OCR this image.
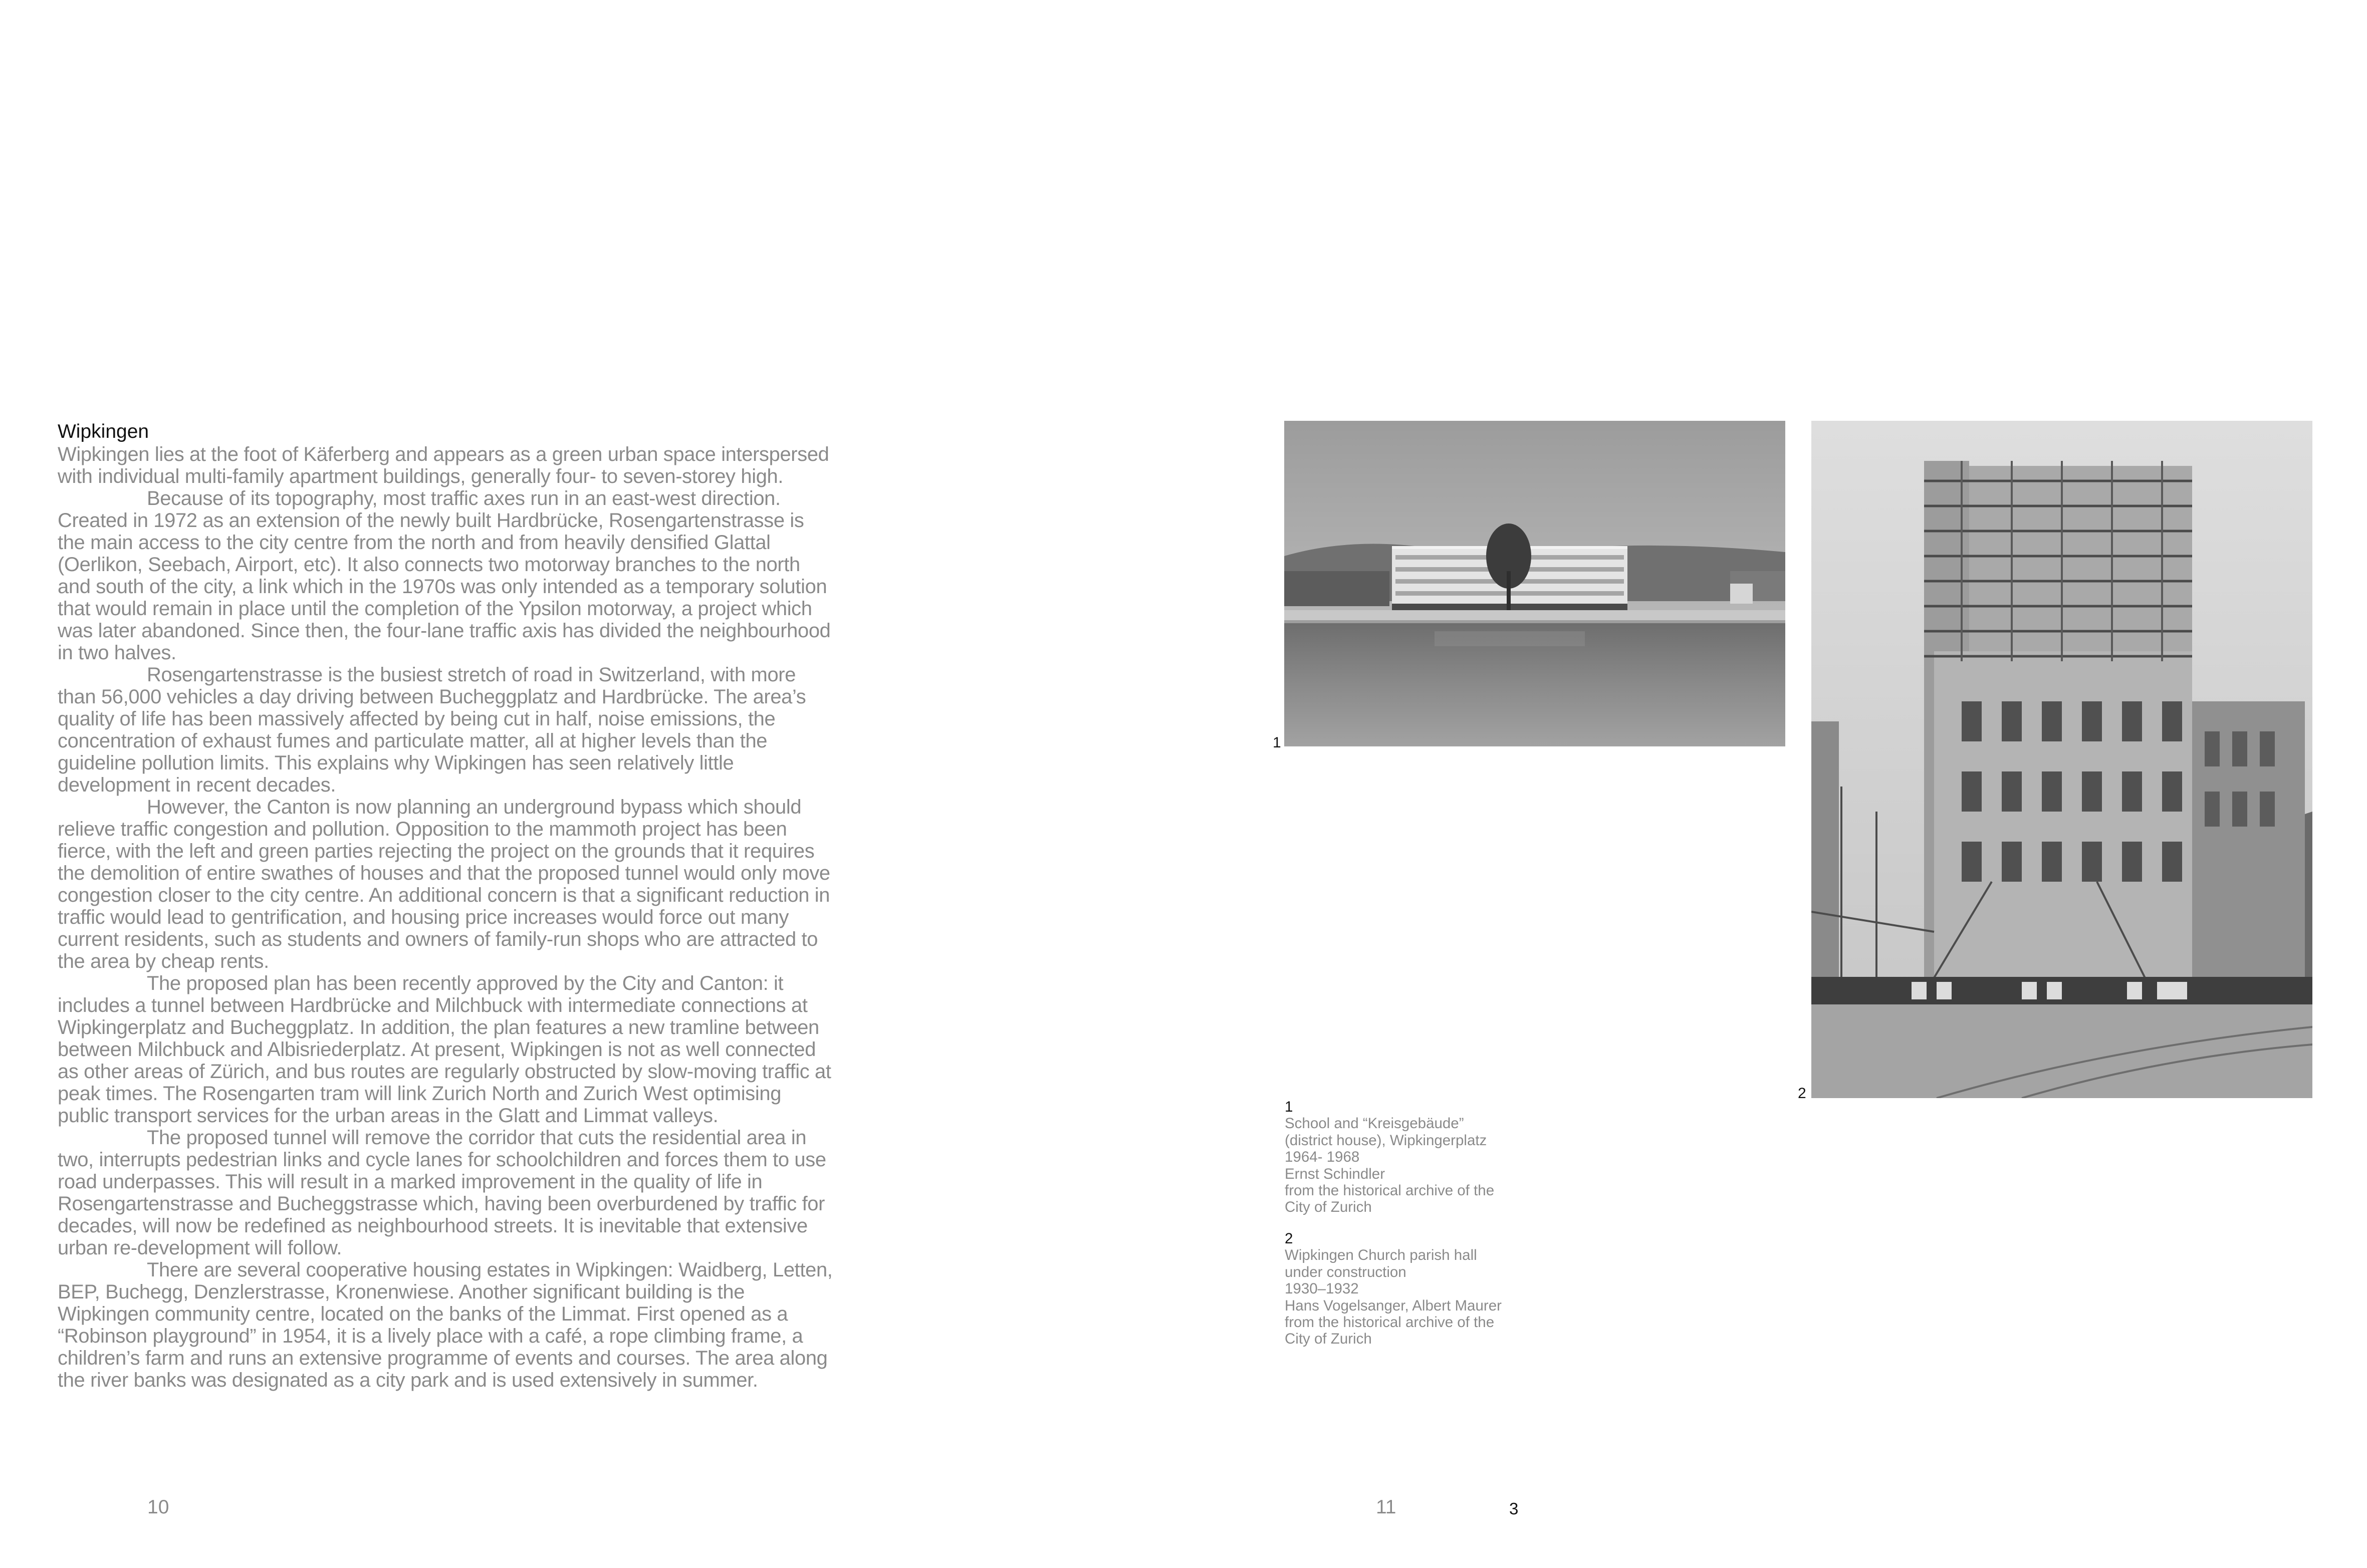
Wipkingen

Wipkingen lies at the foot of Käferberg and appears as a green urban space interspersed with individual multi-family apartment buildings, generally four- to seven-storey high.

Because of its topography, most traffic axes run in an east-west direction. Created in 1972 as an extension of the newly built Hardbrücke, Rosengartenstrasse is the main access to the city centre from the north and from heavily densified Glattal (Oerlikon, Seebach, Airport, etc). It also connects two motorway branches to the north and south of the city, a link which in the 1970s was only intended as a temporary solution that would remain in place until the completion of the Ypsilon motorway, a project which was later abandoned. Since then, the four-lane traffic axis has divided the neighbourhood in two halves.

Rosengartenstrasse is the busiest stretch of road in Switzerland, with more than 56,000 vehicles a day driving between Bucheggplatz and Hardbrücke. The area’s quality of life has been massively affected by being cut in half, noise emissions, the concentration of exhaust fumes and particulate matter, all at higher levels than the guideline pollution limits. This explains why Wipkingen has seen relatively little development in recent decades.

However, the Canton is now planning an underground bypass which should relieve traffic congestion and pollution. Opposition to the mammoth project has been fierce, with the left and green parties rejecting the project on the grounds that it requires the demolition of entire swathes of houses and that the proposed tunnel would only move congestion closer to the city centre. An additional concern is that a significant reduction in traffic would lead to gentrification, and housing price increases would force out many current residents, such as students and owners of family-run shops who are attracted to the area by cheap rents.

The proposed plan has been recently approved by the City and Canton: it includes a tunnel between Hardbrücke and Milchbuck with intermediate connections at Wipkingerplatz and Bucheggplatz. In addition, the plan features a new tramline between between Milchbuck and Albisriederplatz. At present, Wipkingen is not as well connected as other areas of Zürich, and bus routes are regularly obstructed by slow-moving traffic at peak times. The Rosengarten tram will link Zurich North and Zurich West optimising public transport services for the urban areas in the Glatt and Limmat valleys.

The proposed tunnel will remove the corridor that cuts the residential area in two, interrupts pedestrian links and cycle lanes for schoolchildren and forces them to use road underpasses. This will result in a marked improvement in the quality of life in Rosengartenstrasse and Bucheggstrasse which, having been overburdened by traffic for decades, will now be redefined as neighbourhood streets. It is inevitable that extensive urban re-development will follow.

There are several cooperative housing estates in Wipkingen: Waidberg, Letten, BEP, Buchegg, Denzlerstrasse, Kronenwiese. Another significant building is the Wipkingen community centre, located on the banks of the Limmat. First opened as a “Robinson playground” in 1954, it is a lively place with a café, a rope climbing frame, a children’s farm and runs an extensive programme of events and courses. The area along the river banks was designated as a city park and is used extensively in summer.

10
1
2
1
School and “Kreisgebäude”
(district house), Wipkingerplatz
1964- 1968
Ernst Schindler
from the historical archive of the
City of Zurich
2
Wipkingen Church parish hall
under construction
1930–1932
Hans Vogelsanger, Albert Maurer
from the historical archive of the
City of Zurich
11	3
